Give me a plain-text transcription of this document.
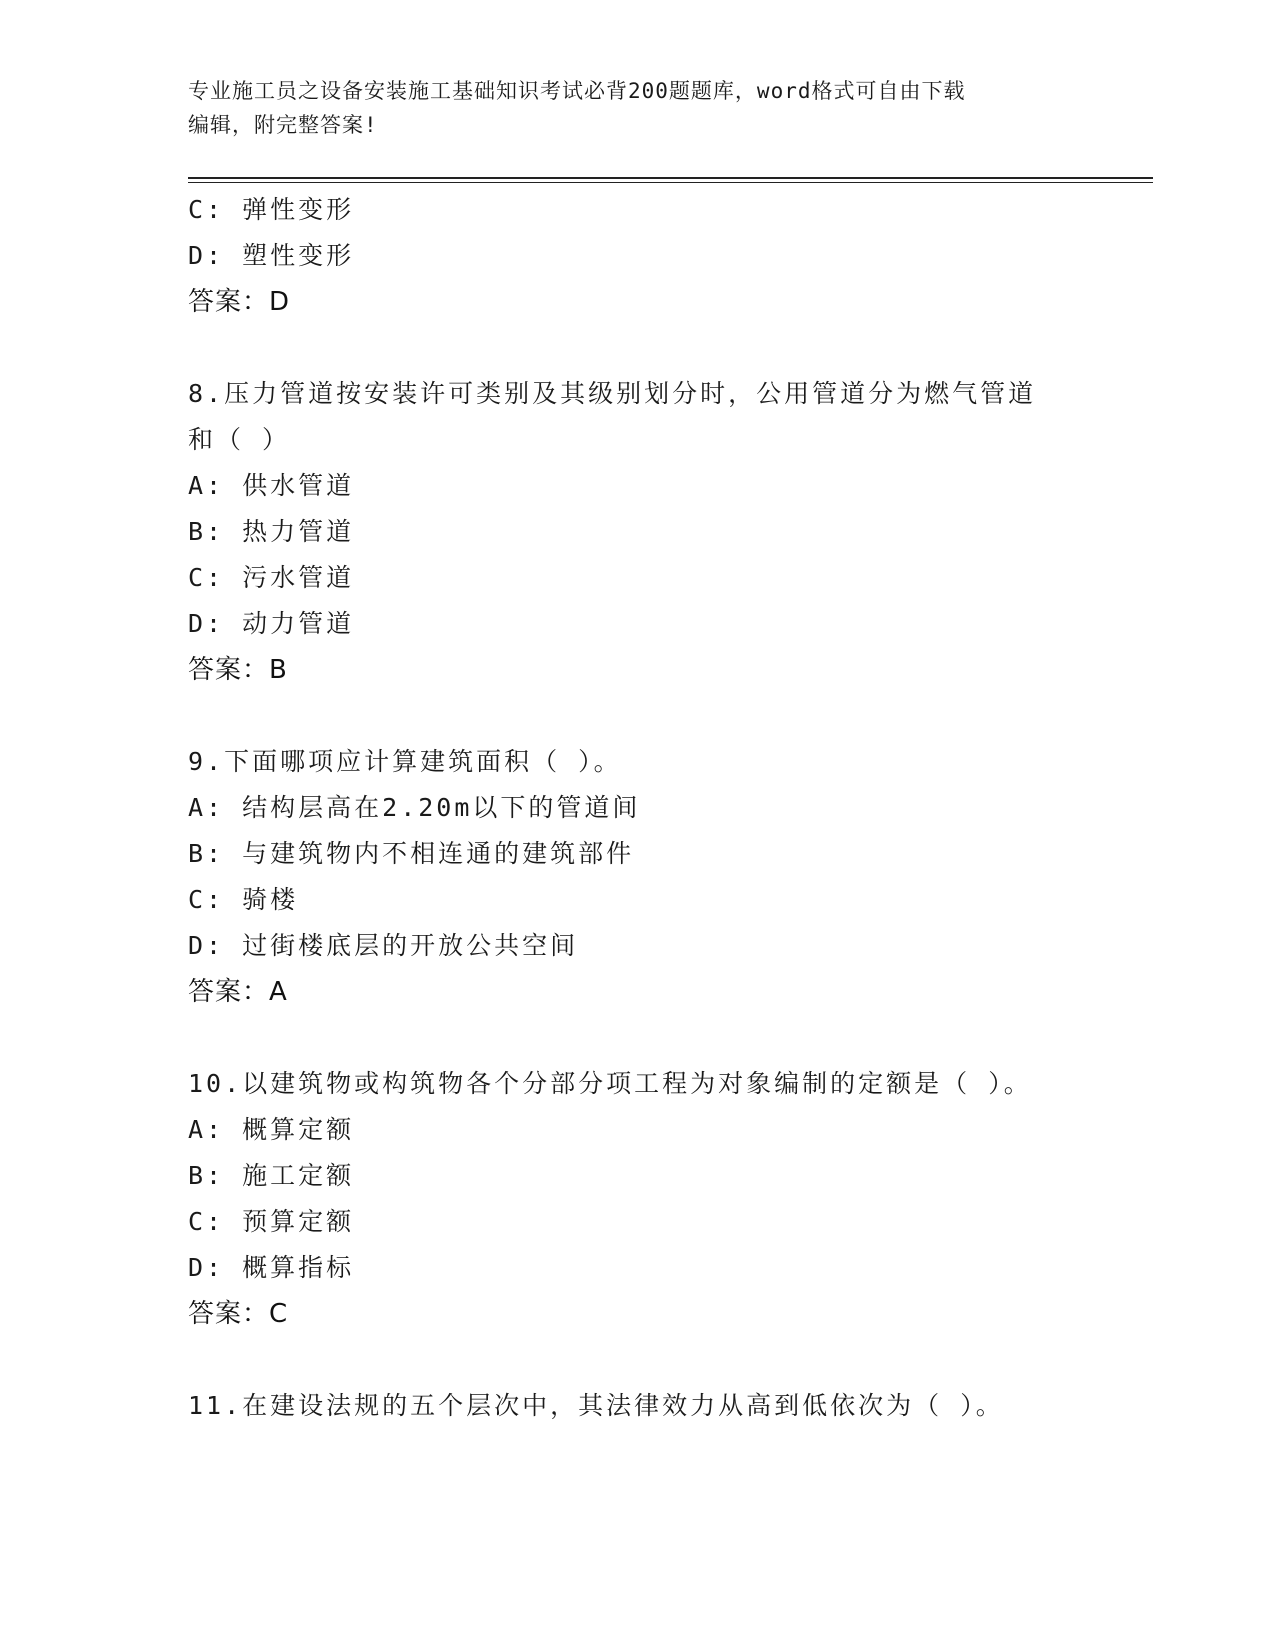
专业施工员之设备安装施工基础知识考试必背200题题库，word格式可自由下载
编辑，附完整答案!
C: 弹性变形
D: 塑性变形
答案：D
8.压力管道按安装许可类别及其级别划分时，公用管道分为燃气管道
和（ ）
A: 供水管道
B: 热力管道
C: 污水管道
D: 动力管道
答案：B
9.下面哪项应计算建筑面积（ ）。
A: 结构层高在2.20m以下的管道间
B: 与建筑物内不相连通的建筑部件
C: 骑楼
D: 过街楼底层的开放公共空间
答案：A
10.以建筑物或构筑物各个分部分项工程为对象编制的定额是（ ）。
A: 概算定额
B: 施工定额
C: 预算定额
D: 概算指标
答案：C
11.在建设法规的五个层次中，其法律效力从高到低依次为（ ）。
